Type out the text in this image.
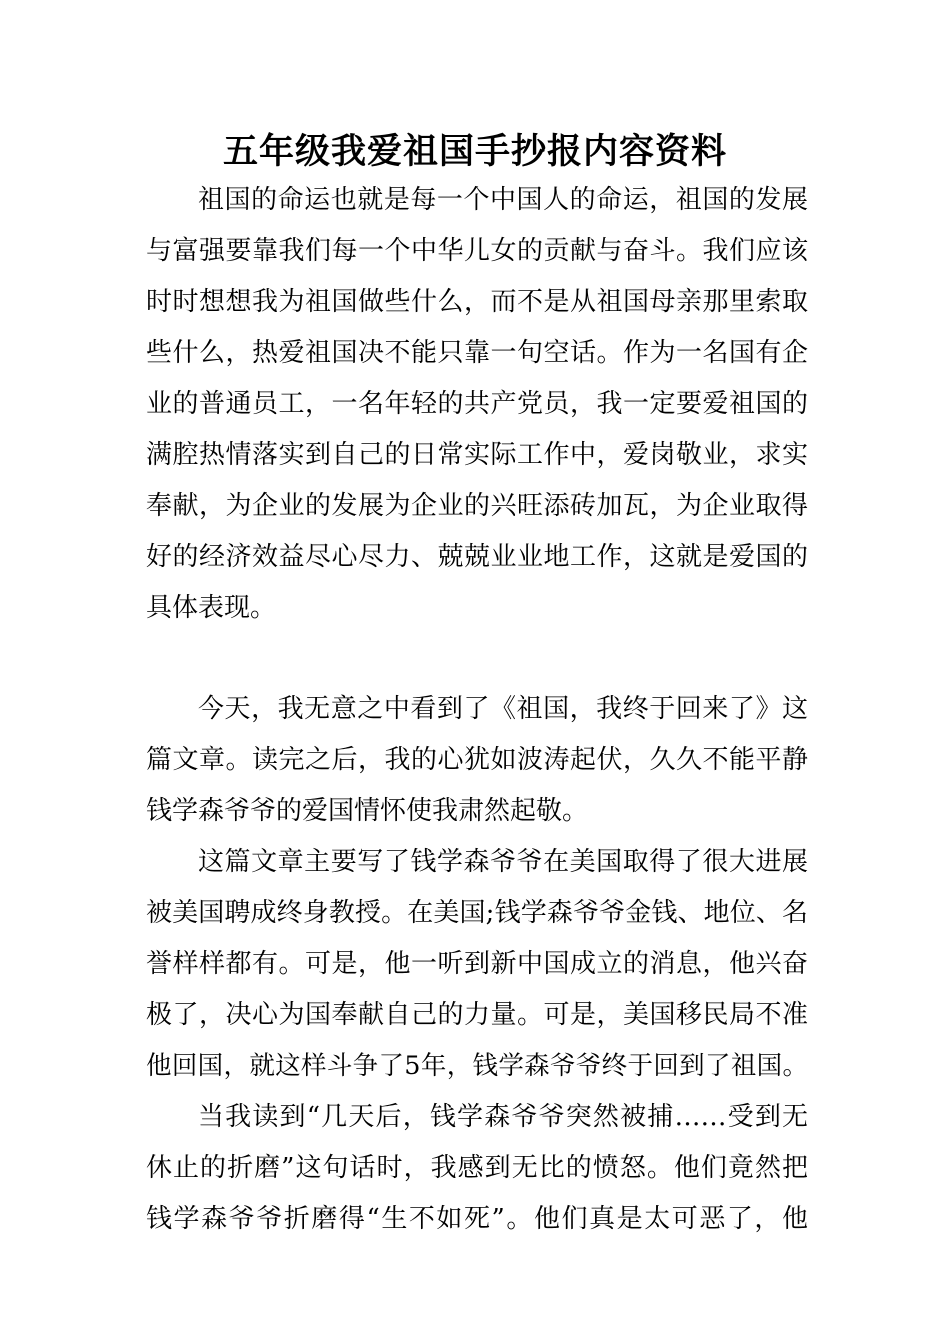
五年级我爱祖国手抄报内容资料
祖国的命运也就是每一个中国人的命运，祖国的发展
与富强要靠我们每一个中华儿女的贡献与奋斗。我们应该
时时想想我为祖国做些什么，而不是从祖国母亲那里索取
些什么，热爱祖国决不能只靠一句空话。作为一名国有企
业的普通员工，一名年轻的共产党员，我一定要爱祖国的
满腔热情落实到自己的日常实际工作中，爱岗敬业，求实
奉献，为企业的发展为企业的兴旺添砖加瓦，为企业取得
好的经济效益尽心尽力、兢兢业业地工作，这就是爱国的
具体表现。
今天，我无意之中看到了《祖国，我终于回来了》这
篇文章。读完之后，我的心犹如波涛起伏，久久不能平静
钱学森爷爷的爱国情怀使我肃然起敬。
这篇文章主要写了钱学森爷爷在美国取得了很大进展
被美国聘成终身教授。在美国;钱学森爷爷金钱、地位、名
誉样样都有。可是，他一听到新中国成立的消息，他兴奋
极了，决心为国奉献自己的力量。可是，美国移民局不准
他回国，就这样斗争了5年，钱学森爷爷终于回到了祖国。
当我读到“几天后，钱学森爷爷突然被捕……受到无
休止的折磨”这句话时，我感到无比的愤怒。他们竟然把
钱学森爷爷折磨得“生不如死”。他们真是太可恶了，他
